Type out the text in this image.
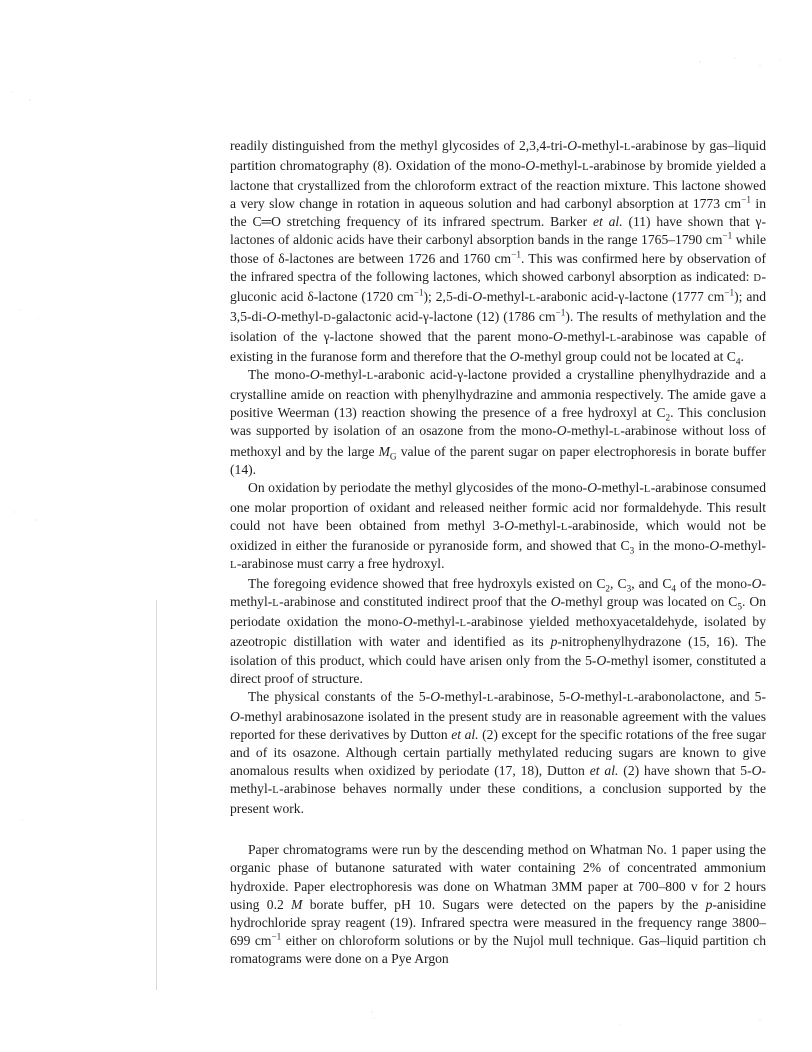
readily distinguished from the methyl glycosides of 2,3,4-tri-O-methyl-L-arabinose by gas–liquid partition chromatography (8). Oxidation of the mono-O-methyl-L-arabinose by bromide yielded a lactone that crystallized from the chloroform extract of the reaction mixture. This lactone showed a very slow change in rotation in aqueous solution and had carbonyl absorption at 1773 $cm^{-1}$ in the C═O stretching frequency of its infrared spectrum. Barker et al. (11) have shown that γ-lactones of aldonic acids have their carbonyl absorption bands in the range 1765–1790 $cm^{-1}$ while those of δ-lactones are between 1726 and 1760 $cm^{-1}$. This was confirmed here by observation of the infrared spectra of the following lactones, which showed carbonyl absorption as indicated: D-gluconic acid δ-lactone (1720 $cm^{-1}$); 2,5-di-O-methyl-L-arabonic acid-γ-lactone (1777 $cm^{-1}$); and 3,5-di-O-methyl-D-galactonic acid-γ-lactone (12) (1786 $cm^{-1}$). The results of methylation and the isolation of the γ-lactone showed that the parent mono-O-methyl-L-arabinose was capable of existing in the furanose form and therefore that the O-methyl group could not be located at $C_4$.

The mono-O-methyl-L-arabonic acid-γ-lactone provided a crystalline phenylhydrazide and a crystalline amide on reaction with phenylhydrazine and ammonia respectively. The amide gave a positive Weerman (13) reaction showing the presence of a free hydroxyl at $C_2$. This conclusion was supported by isolation of an osazone from the mono-O-methyl-L-arabinose without loss of methoxyl and by the large $M_G$ value of the parent sugar on paper electrophoresis in borate buffer (14).

On oxidation by periodate the methyl glycosides of the mono-O-methyl-L-arabinose consumed one molar proportion of oxidant and released neither formic acid nor formaldehyde. This result could not have been obtained from methyl 3-O-methyl-L-arabinoside, which would not be oxidized in either the furanoside or pyranoside form, and showed that $C_3$ in the mono-O-methyl-L-arabinose must carry a free hydroxyl.

The foregoing evidence showed that free hydroxyls existed on $C_2$, $C_3$, and $C_4$ of the mono-O-methyl-L-arabinose and constituted indirect proof that the O-methyl group was located on $C_5$. On periodate oxidation the mono-O-methyl-L-arabinose yielded methoxyacetaldehyde, isolated by azeotropic distillation with water and identified as its p-nitrophenylhydrazone (15, 16). The isolation of this product, which could have arisen only from the 5-O-methyl isomer, constituted a direct proof of structure.

The physical constants of the 5-O-methyl-L-arabinose, 5-O-methyl-L-arabonolactone, and 5-O-methyl arabinosazone isolated in the present study are in reasonable agreement with the values reported for these derivatives by Dutton et al. (2) except for the specific rotations of the free sugar and of its osazone. Although certain partially methylated reducing sugars are known to give anomalous results when oxidized by periodate (17, 18), Dutton et al. (2) have shown that 5-O-methyl-L-arabinose behaves normally under these conditions, a conclusion supported by the present work.

Paper chromatograms were run by the descending method on Whatman No. 1 paper using the organic phase of butanone saturated with water containing 2% of concentrated ammonium hydroxide. Paper electrophoresis was done on Whatman 3MM paper at 700–800 v for 2 hours using 0.2 M borate buffer, pH 10. Sugars were detected on the papers by the p-anisidine hydrochloride spray reagent (19). Infrared spectra were measured in the frequency range 3800–699 $cm^{-1}$ either on chloroform solutions or by the Nujol mull technique. Gas–liquid partition ch romatograms were done on a Pye Argon
